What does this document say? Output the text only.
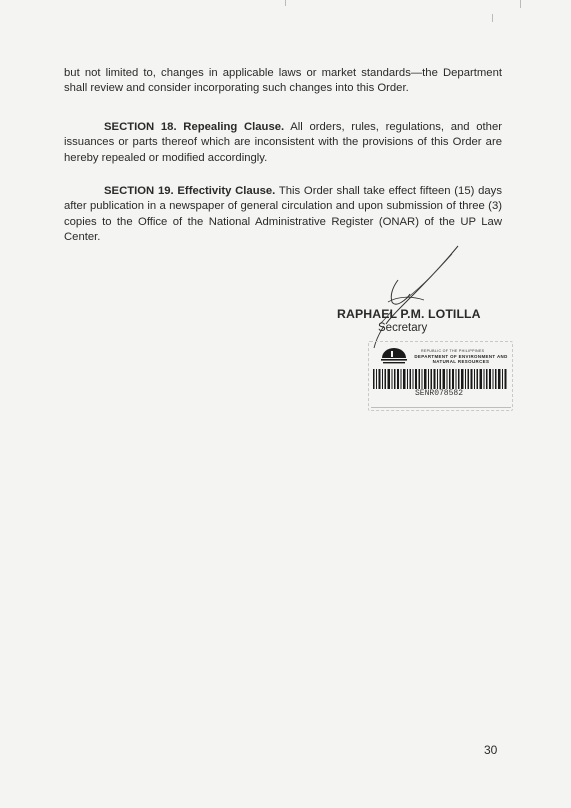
but not limited to, changes in applicable laws or market standards—the Department shall review and consider incorporating such changes into this Order.

SECTION 18. Repealing Clause. All orders, rules, regulations, and other issuances or parts thereof which are inconsistent with the provisions of this Order are hereby repealed or modified accordingly.

SECTION 19. Effectivity Clause. This Order shall take effect fifteen (15) days after publication in a newspaper of general circulation and upon submission of three (3) copies to the Office of the National Administrative Register (ONAR) of the UP Law Center.

RAPHAEL P.M. LOTILLA
Secretary
REPUBLIC OF THE PHILIPPINES
DEPARTMENT OF ENVIRONMENT AND NATURAL RESOURCES
SENR078582
30
